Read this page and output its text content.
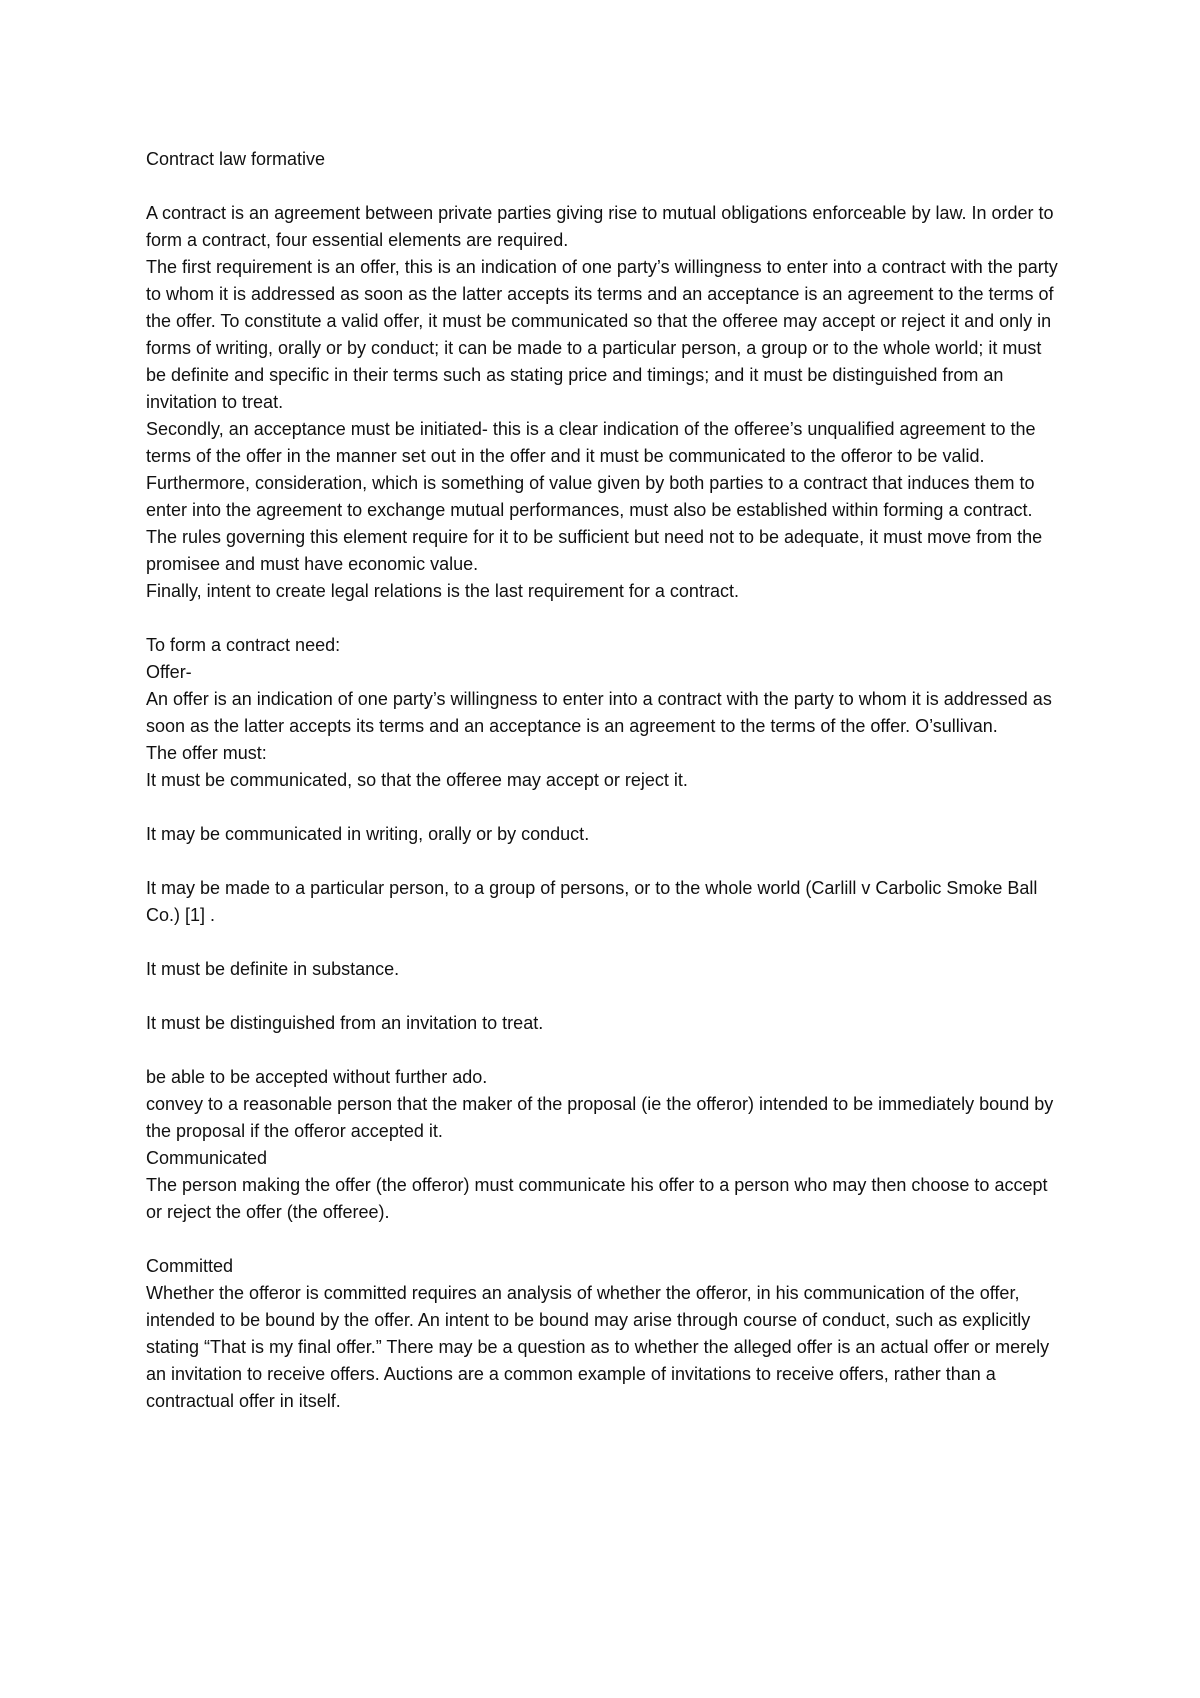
Contract law formative

A contract is an agreement between private parties giving rise to mutual obligations enforceable by law. In order to form a contract, four essential elements are required.

The first requirement is an offer, this is an indication of one party’s willingness to enter into a contract with the party to whom it is addressed as soon as the latter accepts its terms and an acceptance is an agreement to the terms of the offer. To constitute a valid offer, it must be communicated so that the offeree may accept or reject it and only in forms of writing, orally or by conduct; it can be made to a particular person, a group or to the whole world; it must be definite and specific in their terms such as stating price and timings; and it must be distinguished from an invitation to treat.

Secondly, an acceptance must be initiated- this is a clear indication of the offeree’s unqualified agreement to the terms of the offer in the manner set out in the offer and it must be communicated to the offeror to be valid.

Furthermore, consideration, which is something of value given by both parties to a contract that induces them to enter into the agreement to exchange mutual performances, must also be established within forming a contract. The rules governing this element require for it to be sufficient but need not to be adequate, it must move from the promisee and must have economic value.

Finally, intent to create legal relations is the last requirement for a contract.

To form a contract need:

Offer-

An offer is an indication of one party’s willingness to enter into a contract with the party to whom it is addressed as soon as the latter accepts its terms and an acceptance is an agreement to the terms of the offer. O’sullivan.

The offer must:

It must be communicated, so that the offeree may accept or reject it.

It may be communicated in writing, orally or by conduct.

It may be made to a particular person, to a group of persons, or to the whole world (Carlill v Carbolic Smoke Ball Co.) [1] .

It must be definite in substance.

It must be distinguished from an invitation to treat.

be able to be accepted without further ado.

convey to a reasonable person that the maker of the proposal (ie the offeror) intended to be immediately bound by the proposal if the offeror accepted it.

Communicated

The person making the offer (the offeror) must communicate his offer to a person who may then choose to accept or reject the offer (the offeree).

Committed

Whether the offeror is committed requires an analysis of whether the offeror, in his communication of the offer, intended to be bound by the offer. An intent to be bound may arise through course of conduct, such as explicitly stating “That is my final offer.” There may be a question as to whether the alleged offer is an actual offer or merely an invitation to receive offers. Auctions are a common example of invitations to receive offers, rather than a contractual offer in itself.
